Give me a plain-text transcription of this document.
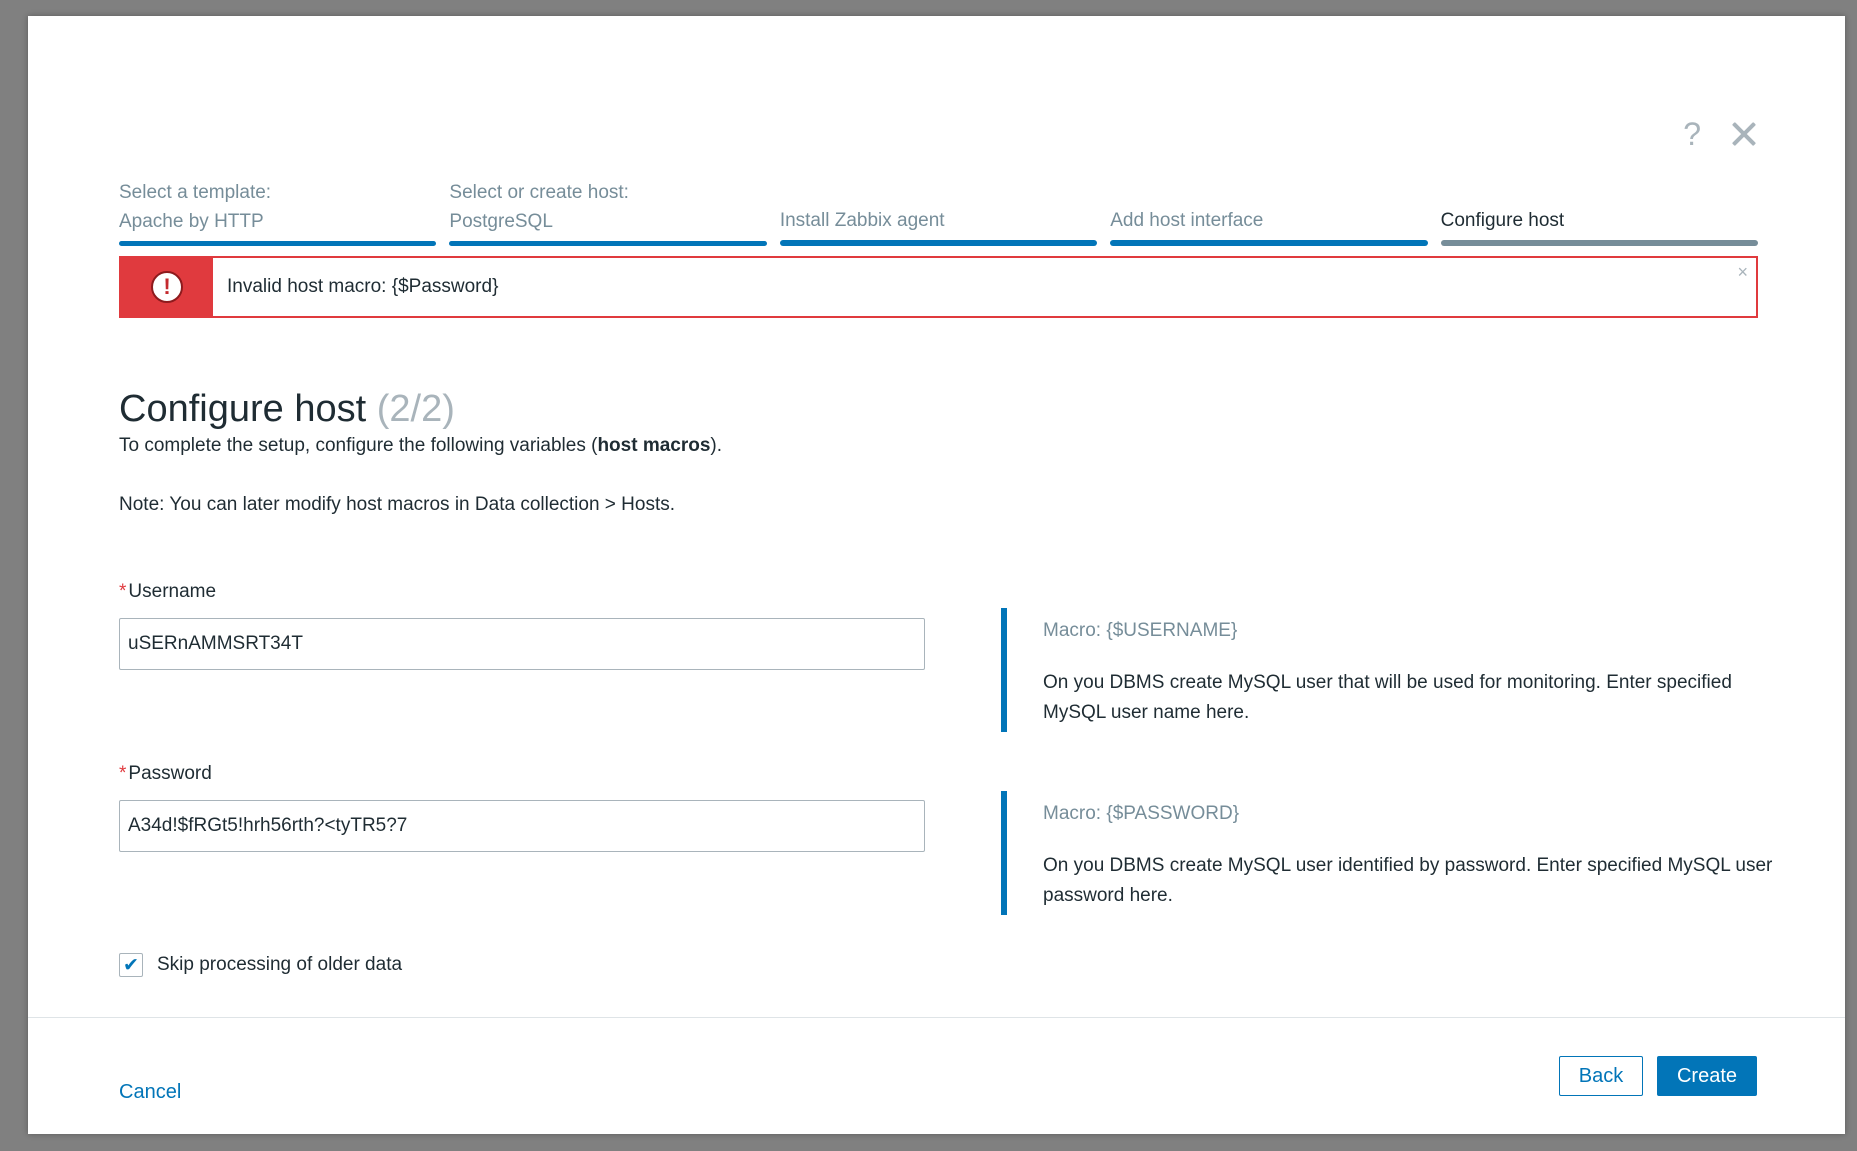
?
Select a template:
Apache by HTTP
Select or create host:
PostgreSQL	Install Zabbix agent	Add host interface	Configure host
!	Invalid host macro: {$Password}
×
Configure host (2/2)
To complete the setup, configure the following variables (host macros).
Note: You can later modify host macros in Data collection > Hosts.
* Username
uSERnAMMSRT34T
Macro: {$USERNAME}
On you DBMS create MySQL user that will be used for monitoring. Enter specified MySQL user name here.
* Password
A34d!$fRGt5!hrh56rth?<tyTR5?7
Macro: {$PASSWORD}
On you DBMS create MySQL user identified by password. Enter specified MySQL user password here.
✔ Skip processing of older data
Cancel
Back	Create
